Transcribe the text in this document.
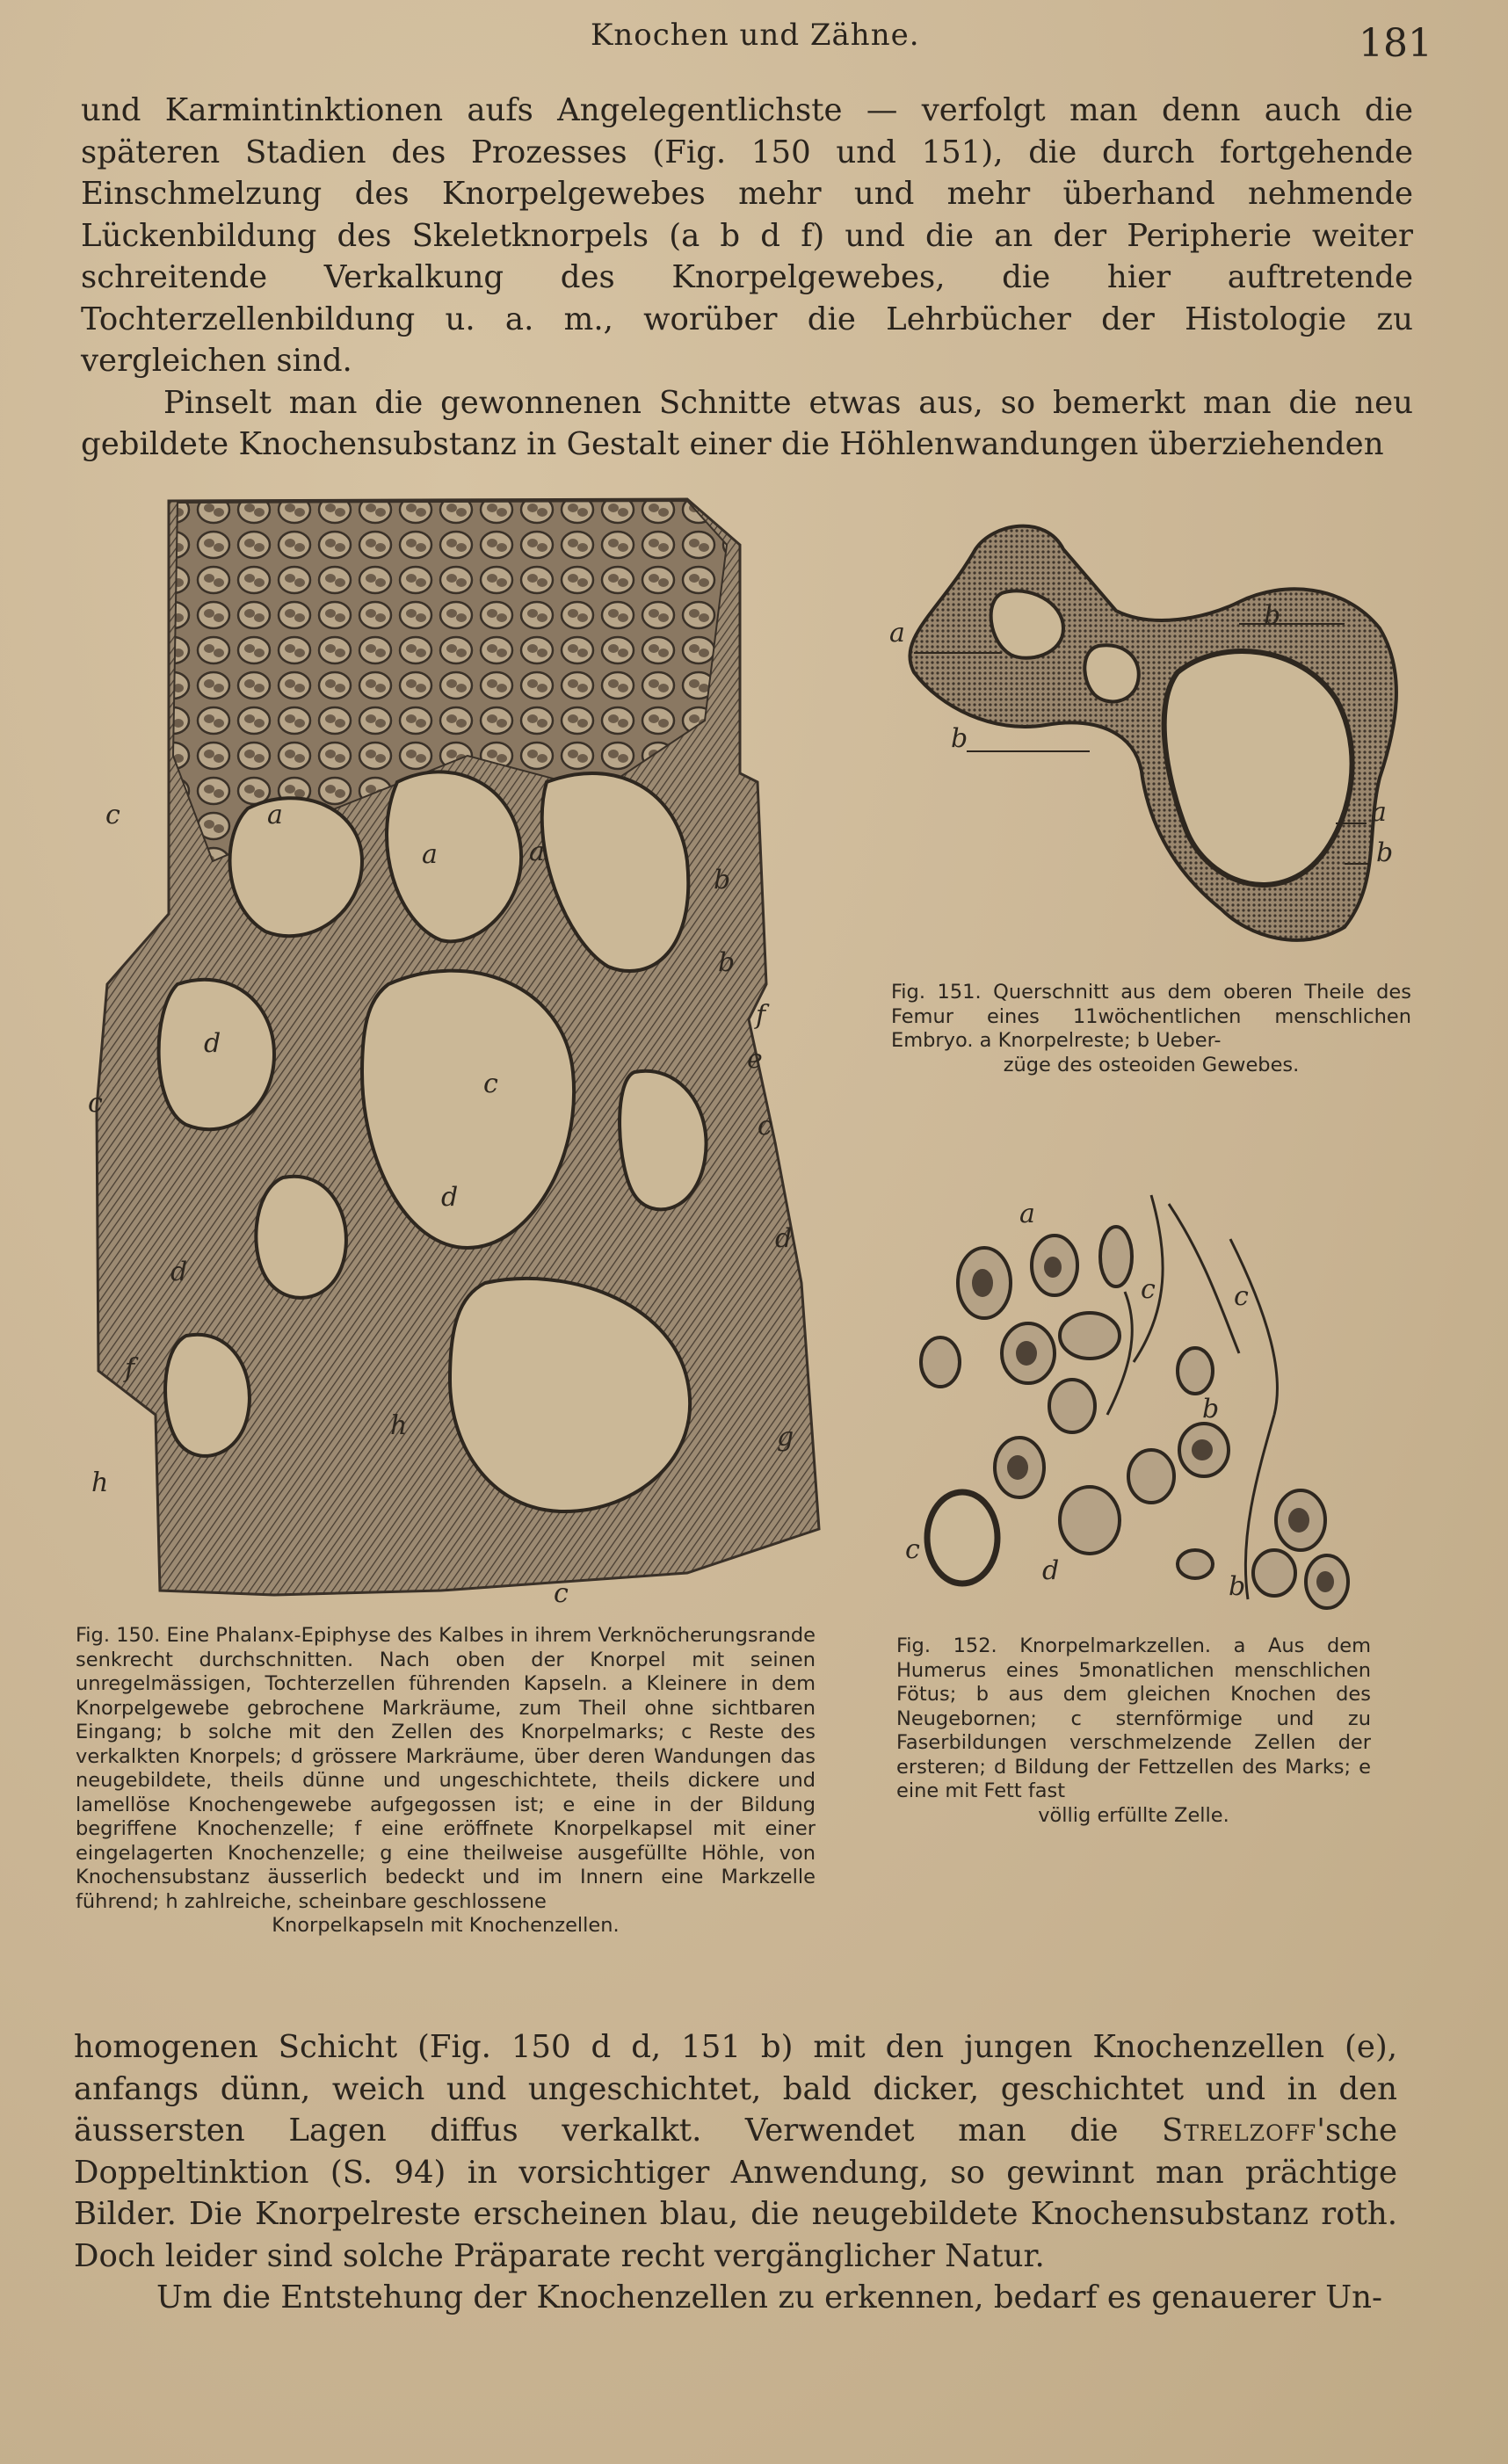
Knochen und Zähne.	181

und Karmintinktionen aufs Angelegentlichste — verfolgt man denn auch die späteren Stadien des Prozesses (Fig. 150 und 151), die durch fortgehende Einschmelzung des Knorpelgewebes mehr und mehr überhand nehmende Lückenbildung des Skeletknorpels (a b d f) und die an der Peripherie weiter schreitende Verkalkung des Knorpelgewebes, die hier auftretende Tochterzellenbildung u. a. m., worüber die Lehrbücher der Histologie zu vergleichen sind.

Pinselt man die gewonnenen Schnitte etwas aus, so bemerkt man die neu gebildete Knochensubstanz in Gestalt einer die Höhlenwandungen überziehenden

c	a
a	a
b
b
f
e
c
d
c
c
d
d
d
f
h	g
h
c
Fig. 150. Eine Phalanx-Epiphyse des Kalbes in ihrem Verknöcherungsrande senkrecht durchschnitten. Nach oben der Knorpel mit seinen unregelmässigen, Tochterzellen führenden Kapseln. a Kleinere in dem Knorpelgewebe gebrochene Markräume, zum Theil ohne sichtbaren Eingang; b solche mit den Zellen des Knorpelmarks; c Reste des verkalkten Knorpels; d grössere Markräume, über deren Wandungen das neugebildete, theils dünne und ungeschichtete, theils dickere und lamellöse Knochengewebe aufgegossen ist; e eine in der Bildung begriffene Knochenzelle; f eine eröffnete Knorpelkapsel mit einer eingelagerten Knochenzelle; g eine theilweise ausgefüllte Höhle, von Knochensubstanz äusserlich bedeckt und im Innern eine Markzelle führend; h zahlreiche, scheinbare geschlossene
Knorpelkapseln mit Knochenzellen.
a
b
b
a
b
Fig. 151. Querschnitt aus dem oberen Theile des Femur eines 11wöchentlichen menschlichen Embryo. a Knorpelreste; b Ueber-
züge des osteoiden Gewebes.
a
c	c
b
c
d
b
Fig. 152. Knorpelmarkzellen. a Aus dem Humerus eines 5monatlichen menschlichen Fötus; b aus dem gleichen Knochen des Neugebornen; c sternförmige und zu Faserbildungen verschmelzende Zellen der ersteren; d Bildung der Fettzellen des Marks; e eine mit Fett fast
völlig erfüllte Zelle.

homogenen Schicht (Fig. 150 d d, 151 b) mit den jungen Knochenzellen (e), anfangs dünn, weich und ungeschichtet, bald dicker, geschichtet und in den äussersten Lagen diffus verkalkt. Verwendet man die Strelzoff'sche Doppeltinktion (S. 94) in vorsichtiger Anwendung, so gewinnt man prächtige Bilder. Die Knorpelreste erscheinen blau, die neugebildete Knochensubstanz roth. Doch leider sind solche Präparate recht vergänglicher Natur.

Um die Entstehung der Knochenzellen zu erkennen, bedarf es genauerer Un-
